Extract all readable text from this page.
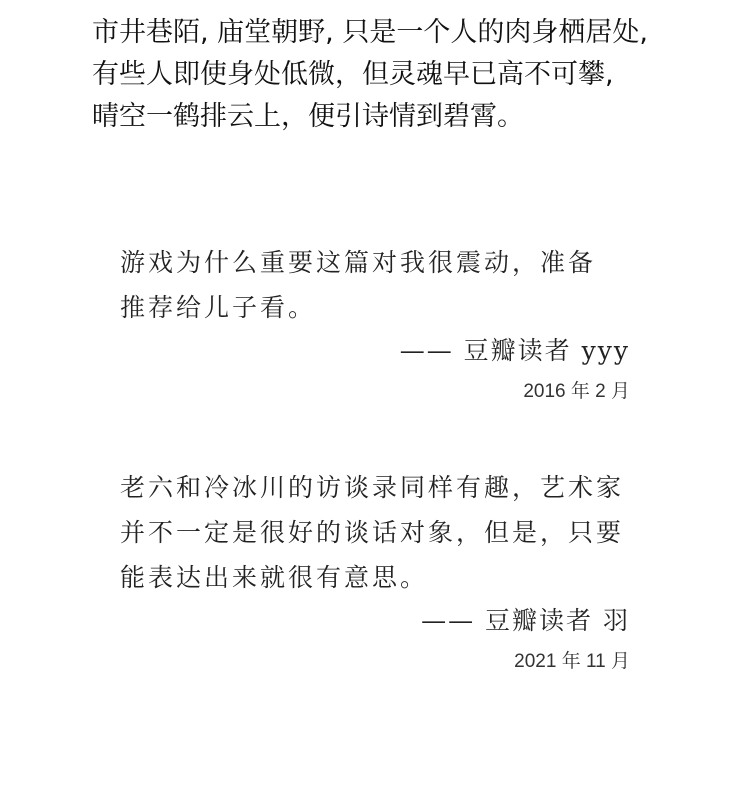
市井巷陌, 庙堂朝野, 只是一个人的肉身栖居处,
有些人即使身处低微，但灵魂早已高不可攀,
晴空一鹤排云上，便引诗情到碧霄。
游戏为什么重要这篇对我很震动，准备
推荐给儿子看。
—— 豆瓣读者 yyy
2016 年 2 月
老六和冷冰川的访谈录同样有趣，艺术家
并不一定是很好的谈话对象，但是，只要
能表达出来就很有意思。
—— 豆瓣读者 羽
2021 年 11 月
